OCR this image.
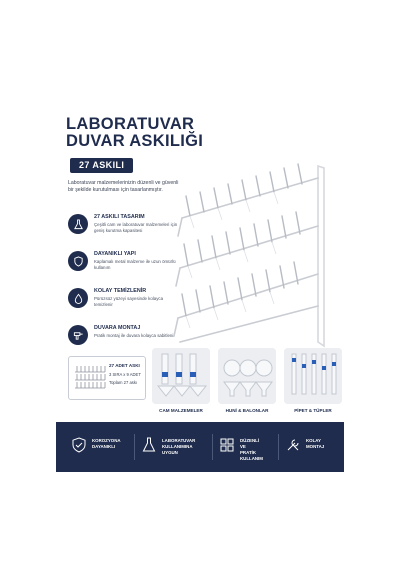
LABORATUVAR
DUVAR ASKILIĞI
27 ASKILI
Laboratuvar malzemelerinizin düzenli ve güvenli bir şekilde kurutulması için tasarlanmıştır.
27 ASKILI TASARIM
Çeşitli cam ve laboratuvar malzemeleri için geniş kurutma kapasitesi
DAYANIKLI YAPI
Kaplamalı metal malzeme ile uzun ömürlü kullanım
KOLAY TEMİZLENİR
Pürüzsüz yüzeyi sayesinde kolayca temizlenir
DUVARA MONTAJ
Pratik montaj ile duvara kolayca sabitlenir
27 ADET ASKI
3 SIRA x 9 ADET
Toplam 27 askı
CAM MALZEMELER	HUNİ & BALONLAR	PİPET & TÜPLER
KOROZYONA
DAYANIKLI
LABORATUVAR
KULLANIMINA UYGUN
DÜZENLİ VE
PRATİK KULLANIM
KOLAY
MONTAJ
